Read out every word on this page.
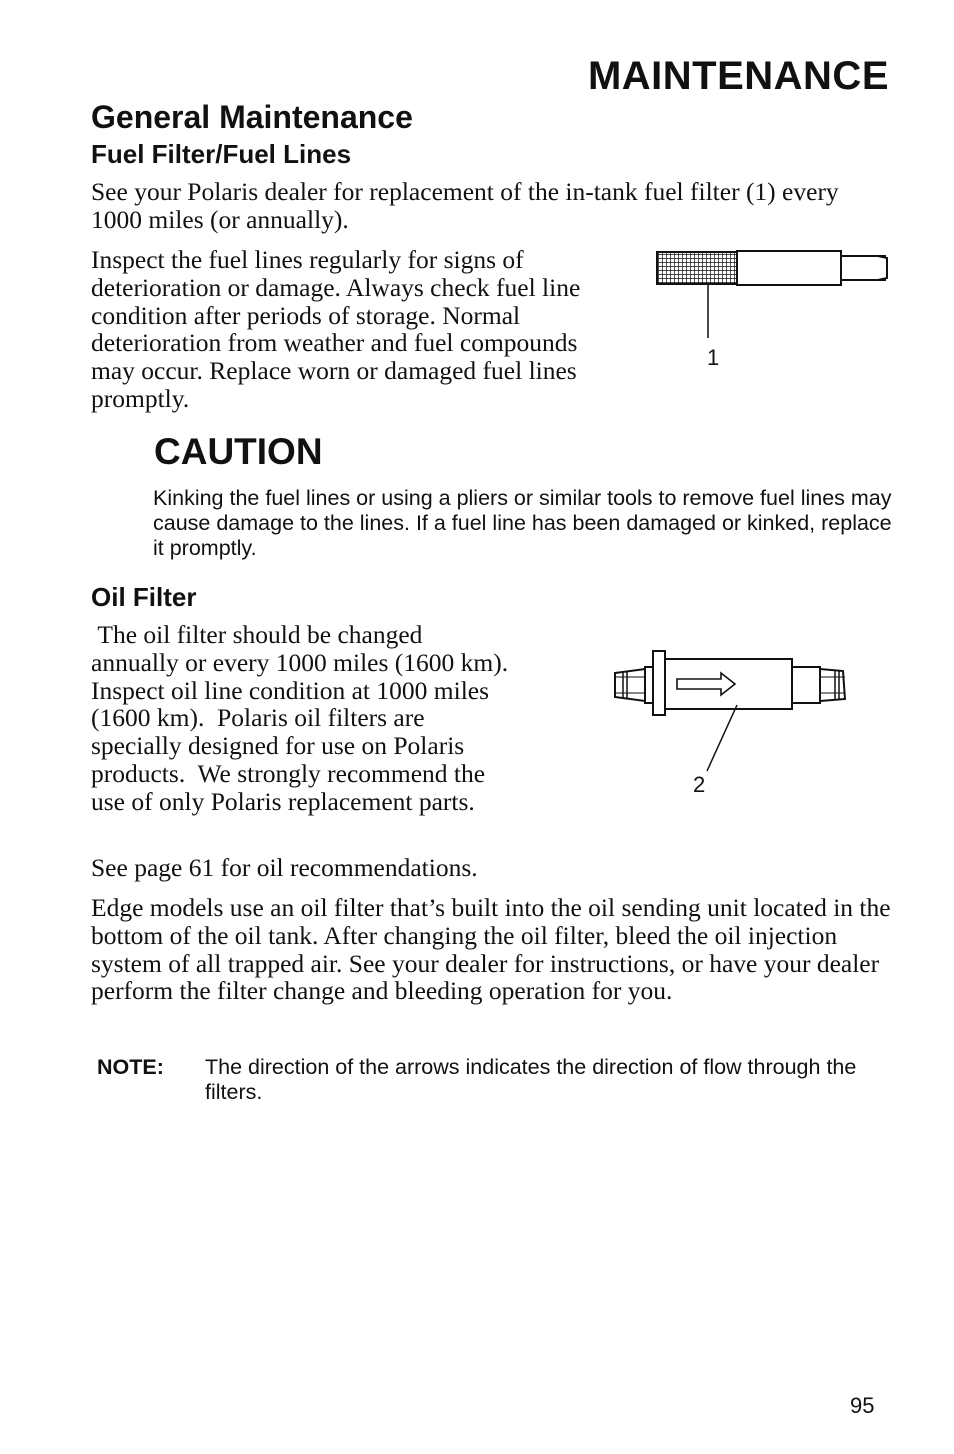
MAINTENANCE
General Maintenance
Fuel Filter/Fuel Lines

See your Polaris dealer for replacement of the in-tank fuel filter (1) every 1000 miles (or annually).

Inspect the fuel lines regularly for signs of deterioration or damage. Always check fuel line condition after periods of storage. Normal deterioration from weather and fuel compounds may occur. Replace worn or damaged fuel lines promptly.

1
CAUTION

Kinking the fuel lines or using a pliers or similar tools to remove fuel lines may cause damage to the lines. If a fuel line has been damaged or kinked, replace it promptly.

Oil Filter

The oil filter should be changed annually or every 1000 miles (1600 km).  Inspect oil line condition at 1000 miles (1600 km).  Polaris oil filters are specially designed for use on Polaris products.  We strongly recommend the use of only Polaris replacement parts.

2

See page 61 for oil recommendations.

Edge models use an oil filter that’s built into the oil sending unit located in the bottom of the oil tank. After changing the oil filter, bleed the oil injection system of all trapped air. See your dealer for instructions, or have your dealer perform the filter change and bleeding operation for you.

NOTE: The direction of the arrows indicates the direction of flow through the filters.

95
